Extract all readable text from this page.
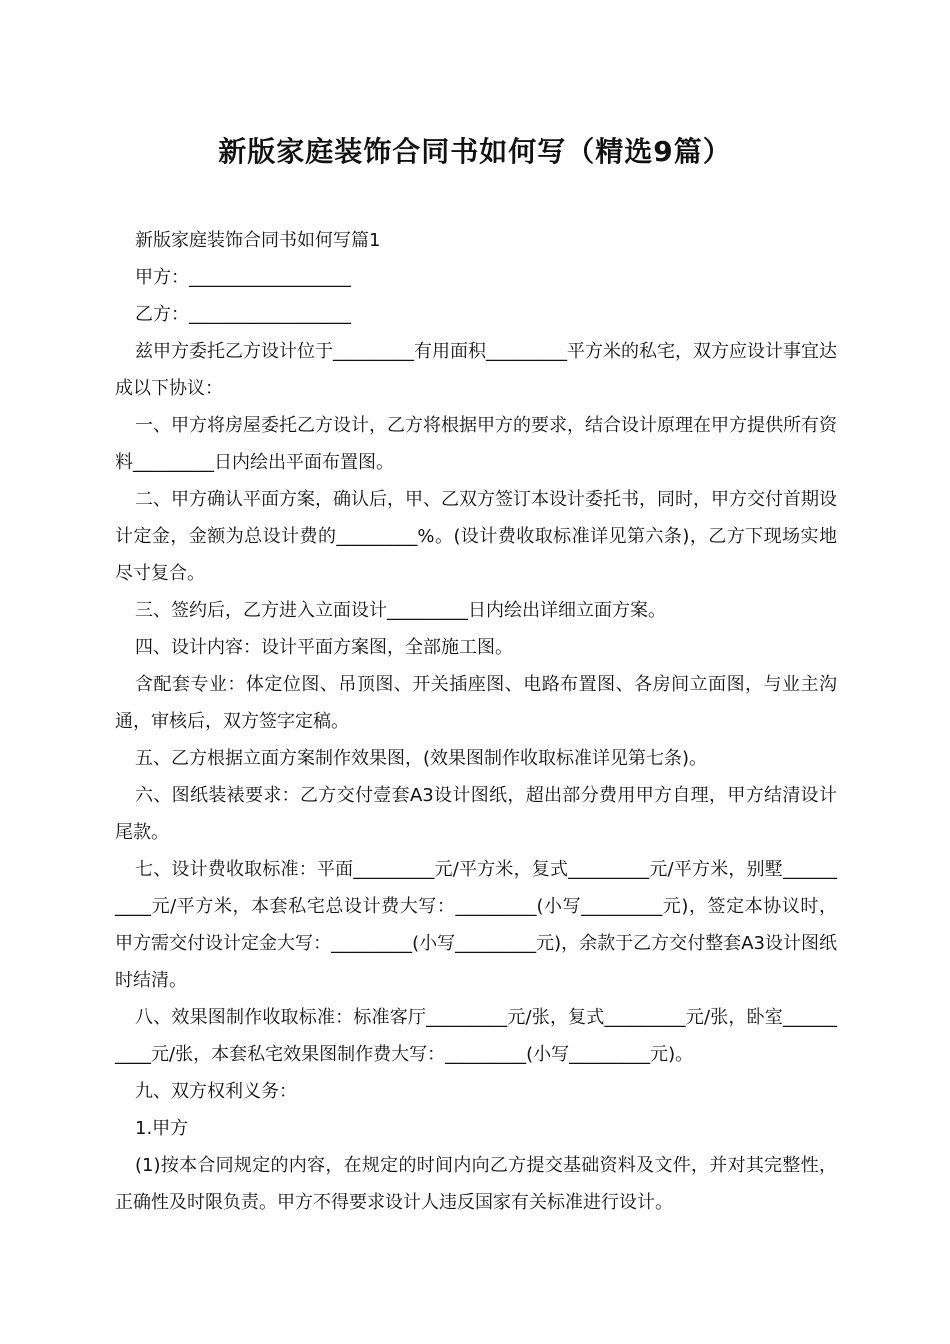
新版家庭装饰合同书如何写（精选9篇）

新版家庭装饰合同书如何写篇1

甲方：__________________

乙方：__________________

兹甲方委托乙方设计位于_________有用面积_________平方米的私宅，双方应设计事宜达成以下协议：

一、甲方将房屋委托乙方设计，乙方将根据甲方的要求，结合设计原理在甲方提供所有资料_________日内绘出平面布置图。

二、甲方确认平面方案，确认后，甲、乙双方签订本设计委托书，同时，甲方交付首期设计定金，金额为总设计费的_________%。(设计费收取标准详见第六条)，乙方下现场实地尽寸复合。

三、签约后，乙方进入立面设计_________日内绘出详细立面方案。

四、设计内容：设计平面方案图，全部施工图。

含配套专业：体定位图、吊顶图、开关插座图、电路布置图、各房间立面图，与业主沟通，审核后，双方签字定稿。

五、乙方根据立面方案制作效果图，(效果图制作收取标准详见第七条)。

六、图纸装裱要求：乙方交付壹套A3设计图纸，超出部分费用甲方自理，甲方结清设计尾款。

七、设计费收取标准：平面_________元/平方米，复式_________元/平方米，别墅__________元/平方米，本套私宅总设计费大写：_________(小写_________元)，签定本协议时，甲方需交付设计定金大写：_________(小写_________元)，余款于乙方交付整套A3设计图纸时结清。

八、效果图制作收取标准：标准客厅_________元/张，复式_________元/张，卧室__________元/张，本套私宅效果图制作费大写：_________(小写_________元)。

九、双方权利义务：

1.甲方

(1)按本合同规定的内容，在规定的时间内向乙方提交基础资料及文件，并对其完整性，正确性及时限负责。甲方不得要求设计人违反国家有关标准进行设计。
